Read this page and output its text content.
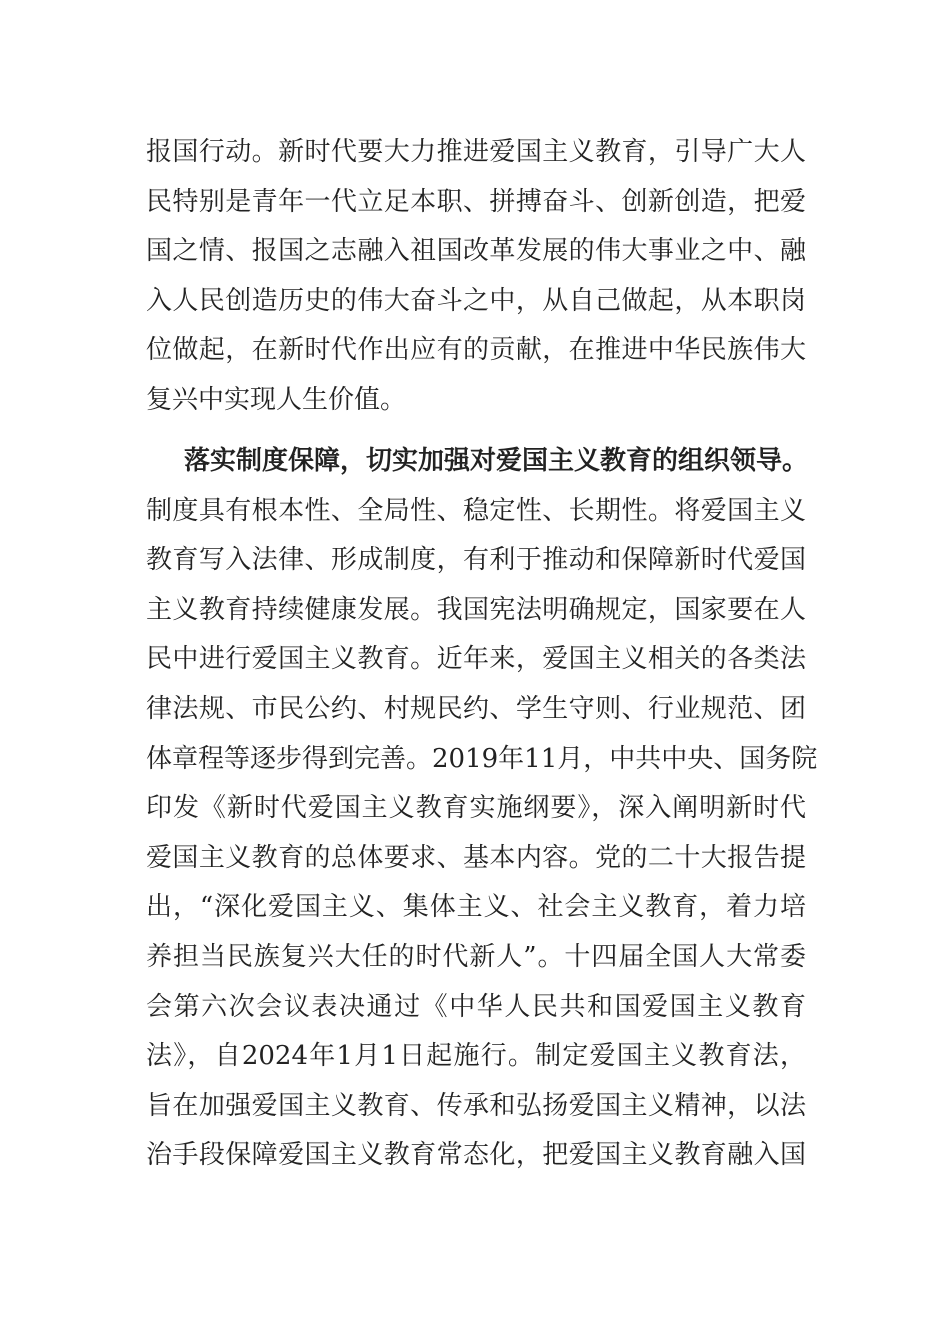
报国行动。新时代要大力推进爱国主义教育，引导广大人
民特别是青年一代立足本职、拼搏奋斗、创新创造，把爱
国之情、报国之志融入祖国改革发展的伟大事业之中、融
入人民创造历史的伟大奋斗之中，从自己做起，从本职岗
位做起，在新时代作出应有的贡献，在推进中华民族伟大
复兴中实现人生价值。
落实制度保障，切实加强对爱国主义教育的组织领导。
制度具有根本性、全局性、稳定性、长期性。将爱国主义
教育写入法律、形成制度，有利于推动和保障新时代爱国
主义教育持续健康发展。我国宪法明确规定，国家要在人
民中进行爱国主义教育。近年来，爱国主义相关的各类法
律法规、市民公约、村规民约、学生守则、行业规范、团
体章程等逐步得到完善。2019年11月，中共中央、国务院
印发《新时代爱国主义教育实施纲要》，深入阐明新时代
爱国主义教育的总体要求、基本内容。党的二十大报告提
出，“深化爱国主义、集体主义、社会主义教育，着力培
养担当民族复兴大任的时代新人”。十四届全国人大常委
会第六次会议表决通过《中华人民共和国爱国主义教育
法》，自2024年1月1日起施行。制定爱国主义教育法，
旨在加强爱国主义教育、传承和弘扬爱国主义精神，以法
治手段保障爱国主义教育常态化，把爱国主义教育融入国
